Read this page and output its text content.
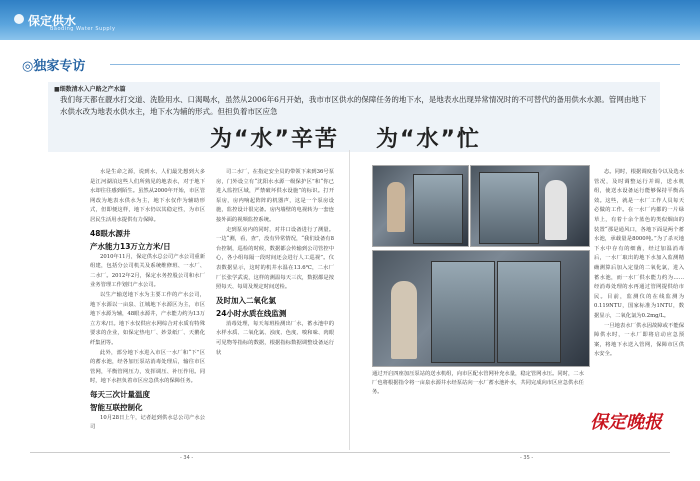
保定供水
Baoding Water Supply
◎独家专访
■细数清水入户路之产水篇
我们每天都在靓水打交道、洗脸用水、口渴喝水，虽然从2006年6月开始，我市市区供水的保障任务的地下水，是地表水出现异常情况时的不可替代的备用供水水源。管网由地下水供水改为地表水供水主，地下水为辅的形式。但担负着市区应急
为“水”辛苦 为“水”忙

水是生命之源，说到水，人们最先想到大多是江河湖泊这些人们所熟见的地表水，对于地下水却往往感到陌生。虽然从2000年开始，市区管网改为地表水供水为主，地下水仅作为辅助形式，但即便这样，地下水仍以其稳定性，为市区居民生活用水提供有力保障。

48眼水源井
产水能力13万立方米/日

2010年11月，保定供水总公司产水公司重新组建，包括分公司机关及系统维修班、一水厂、二水厂。2012年2月，保定水务控股公司和水厂业务管理工作划归产水公司。

以生产输送地下水为主要工作的产水公司，地下水源以一亩泉、江城地下水源区为主，市区地下水源为辅，48眼水源井，产水能力约为13万立方米/日。地下水仅供应水网综合对水质有特殊要求的企业，如保定热电厂、妙景纸厂、天鹅化纤集团等。

此外，部分地下水进入市区一水厂和“下”区的蓄水池，经各加压泵站消毒处理后，输往市区管网，平衡管网压力，发挥调压、补压作用。同时，地下水担负着市区应急供水的保障任务。

每天三次计量温度
智能互联控制化

10月28日上午，记者赶到供水总公司产水公司

司二水厂，在指定安全员的带领下来到36号泵房，门外设立有“沈阳水水源一级保护区”和“你已进入监控区域，严禁破坏供水设施”的标识。打开泵房，房内响起阵阵的机器声，这是一个泵房设施，监控设计很完备。房内墙壁的电视转为一套连接外面的视频监控系统。

走到泵房内的同时，对井口设备进行了测量。一边“测，看，查”，没有异常情况，“我们设备有8台控制，巡检的时候，数据都会传输到公司管控中心，各小组每隔一段时间还会进行人工巡视”。仪表数据显示，这时的机井水温在13.6℃，二水厂厂长张学武说，这样的测温每天三次，数据都是按照每天、每周及规定时间送检。

及时加入二氧化氯
24小时水质在线监测

消毒处理，每天每班检测出厂水，蓄水池中的水样水质、二氧化氯、浊度、色度、嗅和味、肉眼可见物等指标的数据，根据指标数据调整设备运行状

通过开启四座加压泵站的送水机组，向市区配水管网补充水量，稳定管网水压。同时，二水厂也将根据指令将一亩泉水源井水经泵站向一水厂蓄水池补水，共同完成向市区应急供水任务。

态。同时，根据调度指令以及选水管况，及时调整运行并调，送水机组，使送水设备运行能够保持平衡高效。这些，就是一水厂工作人员每天必做的工作。在一水厂内都的一片绿草上，有着十余个蓝色的类似烟囱的装置“那是通风口，各地下面是两个蓄水池，承载量是8000吨。”为了杀灭地下水中存有的细菌，经过加温消毒后，一水厂取出的地下水加入监测精确测算后加入定量的二氧化氯，进入蓄水池，而一水厂供水能力约为……经消毒处理的水再通过管网提供给市民。目前，监测仪的在线监测为0.119NTU，国家标准为1NTU，数据显示，二氧化氯为0.2mg/L。

一旦地表水厂供水因故障或不能保障供水时，一水厂即将启动应急预案，将地下水送入管网，保障市区供水安全。

保定晚报
- 34 -	- 35 -
